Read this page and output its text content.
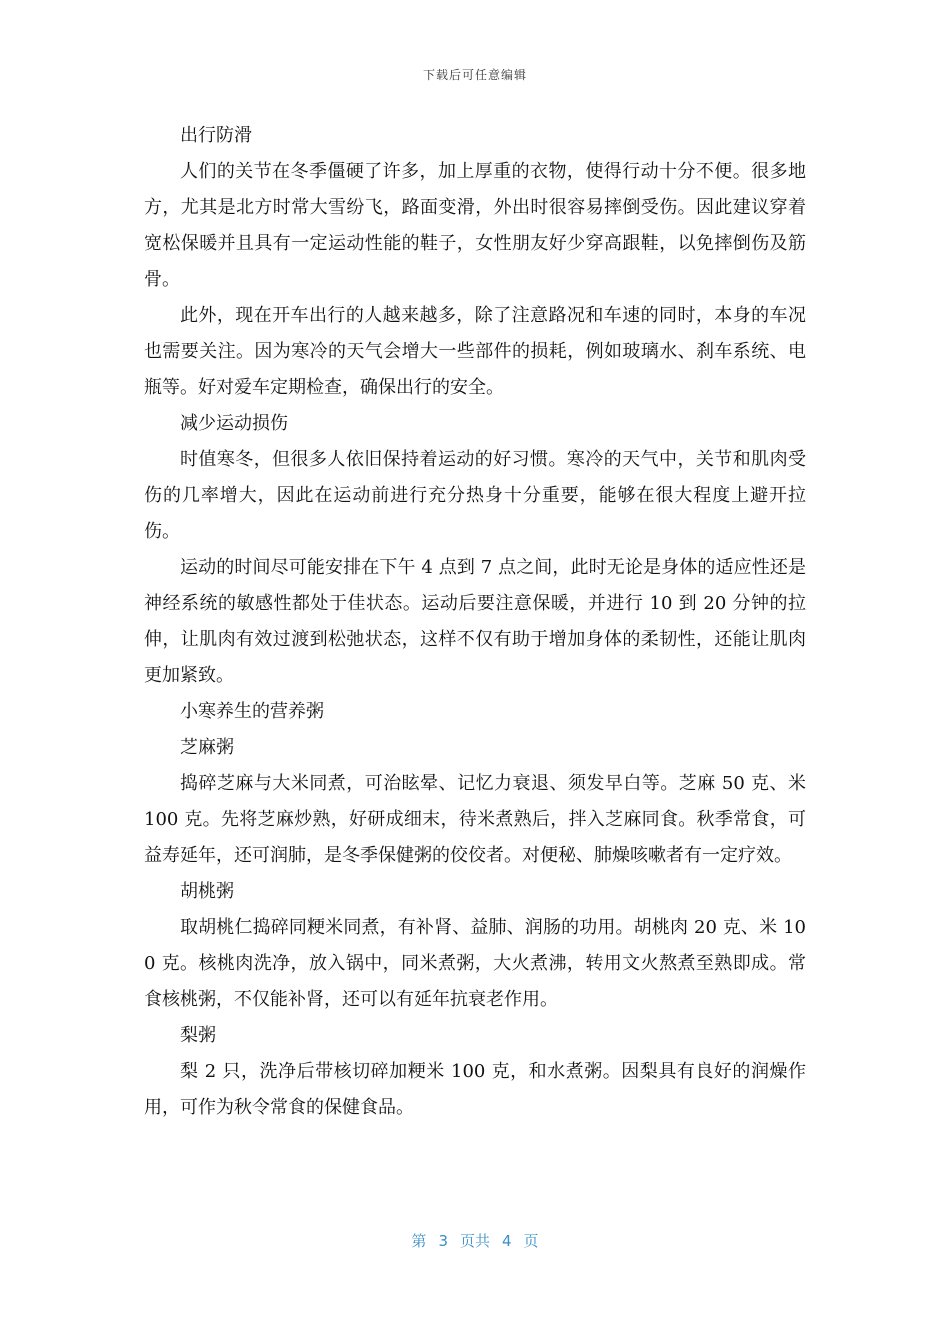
下载后可任意编辑

出行防滑

人们的关节在冬季僵硬了许多，加上厚重的衣物，使得行动十分不便。很多地方，尤其是北方时常大雪纷飞，路面变滑，外出时很容易摔倒受伤。因此建议穿着宽松保暖并且具有一定运动性能的鞋子，女性朋友好少穿高跟鞋，以免摔倒伤及筋骨。

此外，现在开车出行的人越来越多，除了注意路况和车速的同时，本身的车况也需要关注。因为寒冷的天气会增大一些部件的损耗，例如玻璃水、刹车系统、电瓶等。好对爱车定期检查，确保出行的安全。

减少运动损伤

时值寒冬，但很多人依旧保持着运动的好习惯。寒冷的天气中，关节和肌肉受伤的几率增大，因此在运动前进行充分热身十分重要，能够在很大程度上避开拉伤。

运动的时间尽可能安排在下午 4 点到 7 点之间，此时无论是身体的适应性还是神经系统的敏感性都处于佳状态。运动后要注意保暖，并进行 10 到 20 分钟的拉伸，让肌肉有效过渡到松弛状态，这样不仅有助于增加身体的柔韧性，还能让肌肉更加紧致。

小寒养生的营养粥

芝麻粥

捣碎芝麻与大米同煮，可治眩晕、记忆力衰退、须发早白等。芝麻 50 克、米 100 克。先将芝麻炒熟，好研成细末，待米煮熟后，拌入芝麻同食。秋季常食，可益寿延年，还可润肺，是冬季保健粥的佼佼者。对便秘、肺燥咳嗽者有一定疗效。

胡桃粥

取胡桃仁捣碎同粳米同煮，有补肾、益肺、润肠的功用。胡桃肉 20 克、米 100 克。核桃肉洗净，放入锅中，同米煮粥，大火煮沸，转用文火熬煮至熟即成。常食核桃粥，不仅能补肾，还可以有延年抗衰老作用。

梨粥

梨 2 只，洗净后带核切碎加粳米 100 克，和水煮粥。因梨具有良好的润燥作用，可作为秋令常食的保健食品。

第 3 页共 4 页
